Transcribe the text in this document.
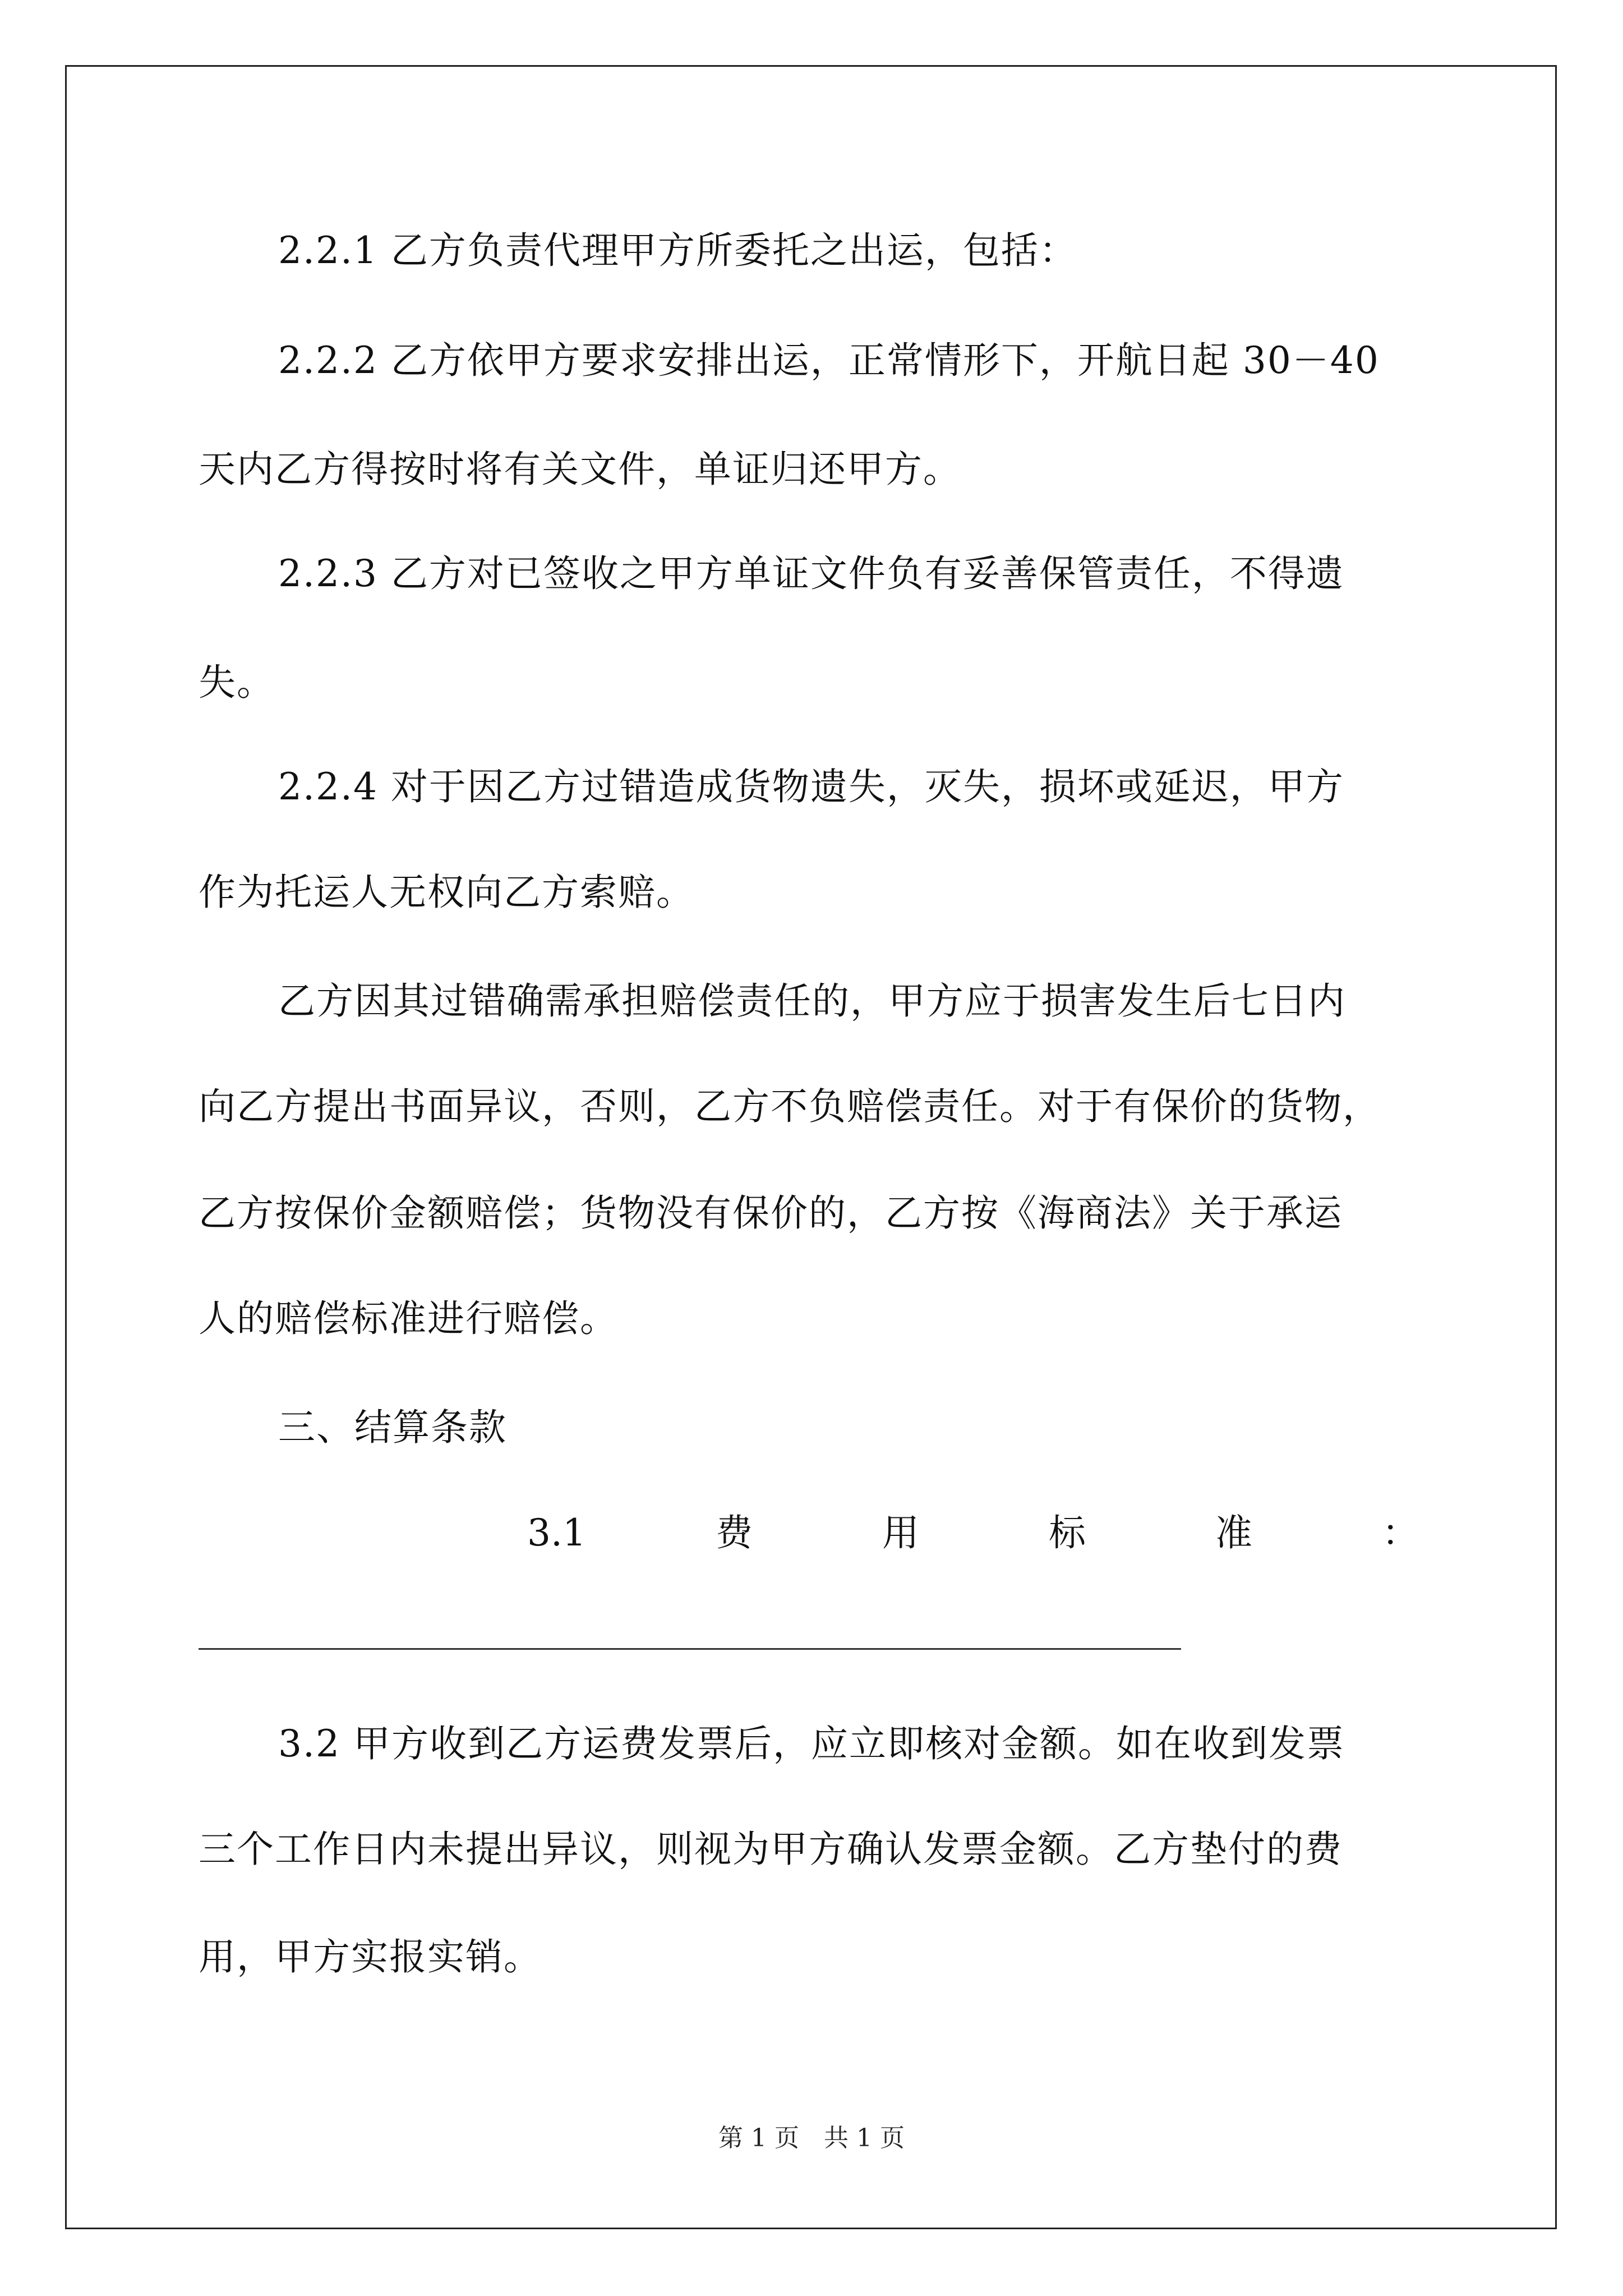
2.2.1 乙方负责代理甲方所委托之出运，包括：
2.2.2 乙方依甲方要求安排出运，正常情形下，开航日起 30－40
天内乙方得按时将有关文件，单证归还甲方。
2.2.3 乙方对已签收之甲方单证文件负有妥善保管责任，不得遗
失。
2.2.4 对于因乙方过错造成货物遗失，灭失，损坏或延迟，甲方
作为托运人无权向乙方索赔。
乙方因其过错确需承担赔偿责任的，甲方应于损害发生后七日内
向乙方提出书面异议，否则，乙方不负赔偿责任。对于有保价的货物，
乙方按保价金额赔偿；货物没有保价的，乙方按《海商法》关于承运
人的赔偿标准进行赔偿。
三、结算条款
3.1	费	用	标	准	：
3.2 甲方收到乙方运费发票后，应立即核对金额。如在收到发票
三个工作日内未提出异议，则视为甲方确认发票金额。乙方垫付的费
用，甲方实报实销。
第 1 页　共 1 页
